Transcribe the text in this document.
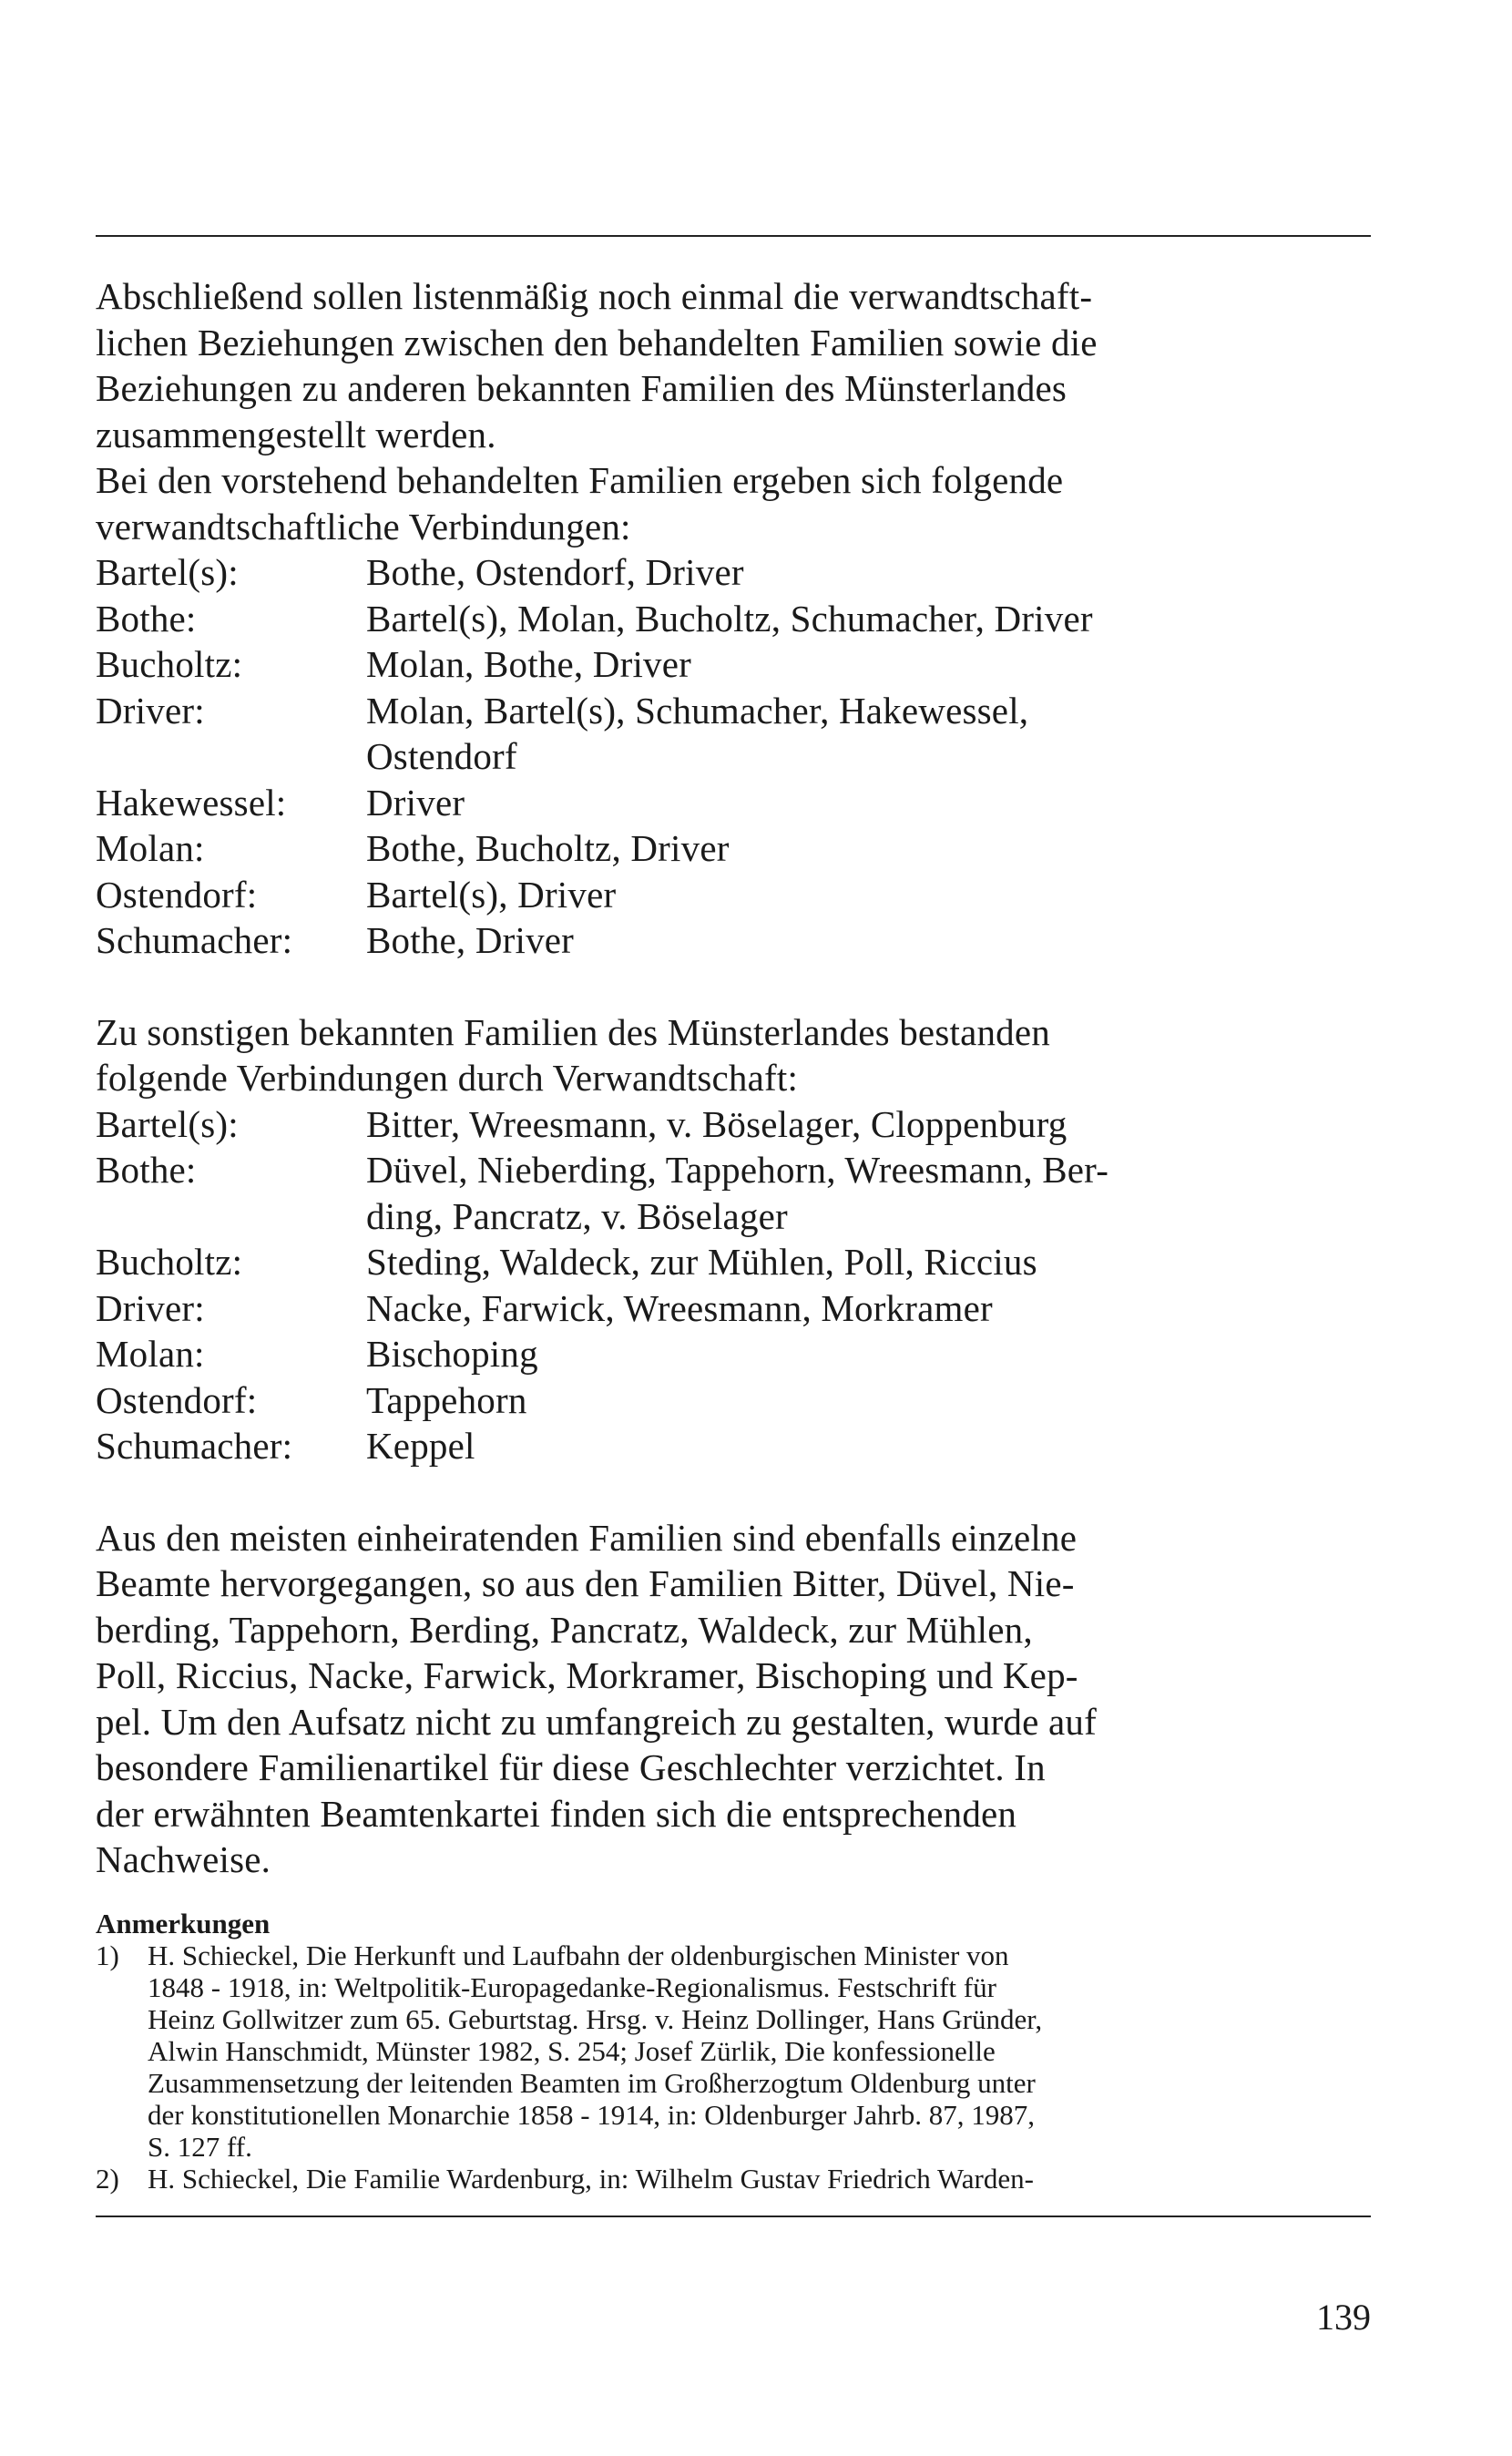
Abschließend sollen listenmäßig noch einmal die verwandtschaft-
lichen Beziehungen zwischen den behandelten Familien sowie die
Beziehungen zu anderen bekannten Familien des Münsterlandes
zusammengestellt werden.

Bei den vorstehend behandelten Familien ergeben sich folgende
verwandtschaftliche Verbindungen:

Bartel(s):	Bothe, Ostendorf, Driver
Bothe:	Bartel(s), Molan, Bucholtz, Schumacher, Driver
Bucholtz:	Molan, Bothe, Driver
Driver:	Molan, Bartel(s), Schumacher, Hakewessel,
Ostendorf
Hakewessel:	Driver
Molan:	Bothe, Bucholtz, Driver
Ostendorf:	Bartel(s), Driver
Schumacher:	Bothe, Driver

Zu sonstigen bekannten Familien des Münsterlandes bestanden
folgende Verbindungen durch Verwandtschaft:

Bartel(s):	Bitter, Wreesmann, v. Böselager, Cloppenburg
Bothe:	Düvel, Nieberding, Tappehorn, Wreesmann, Ber-
ding, Pancratz, v. Böselager
Bucholtz:	Steding, Waldeck, zur Mühlen, Poll, Riccius
Driver:	Nacke, Farwick, Wreesmann, Morkramer
Molan:	Bischoping
Ostendorf:	Tappehorn
Schumacher:	Keppel

Aus den meisten einheiratenden Familien sind ebenfalls einzelne
Beamte hervorgegangen, so aus den Familien Bitter, Düvel, Nie-
berding, Tappehorn, Berding, Pancratz, Waldeck, zur Mühlen,
Poll, Riccius, Nacke, Farwick, Morkramer, Bischoping und Kep-
pel. Um den Aufsatz nicht zu umfangreich zu gestalten, wurde auf
besondere Familienartikel für diese Geschlechter verzichtet. In
der erwähnten Beamtenkartei finden sich die entsprechenden
Nachweise.

Anmerkungen

1)	H. Schieckel, Die Herkunft und Laufbahn der oldenburgischen Minister von
1848 - 1918, in: Weltpolitik-Europagedanke-Regionalismus. Festschrift für
Heinz Gollwitzer zum 65. Geburtstag. Hrsg. v. Heinz Dollinger, Hans Gründer,
Alwin Hanschmidt, Münster 1982, S. 254; Josef Zürlik, Die konfessionelle
Zusammensetzung der leitenden Beamten im Großherzogtum Oldenburg unter
der konstitutionellen Monarchie 1858 - 1914, in: Oldenburger Jahrb. 87, 1987,
S. 127 ff.
2)	H. Schieckel, Die Familie Wardenburg, in: Wilhelm Gustav Friedrich Warden-
139
